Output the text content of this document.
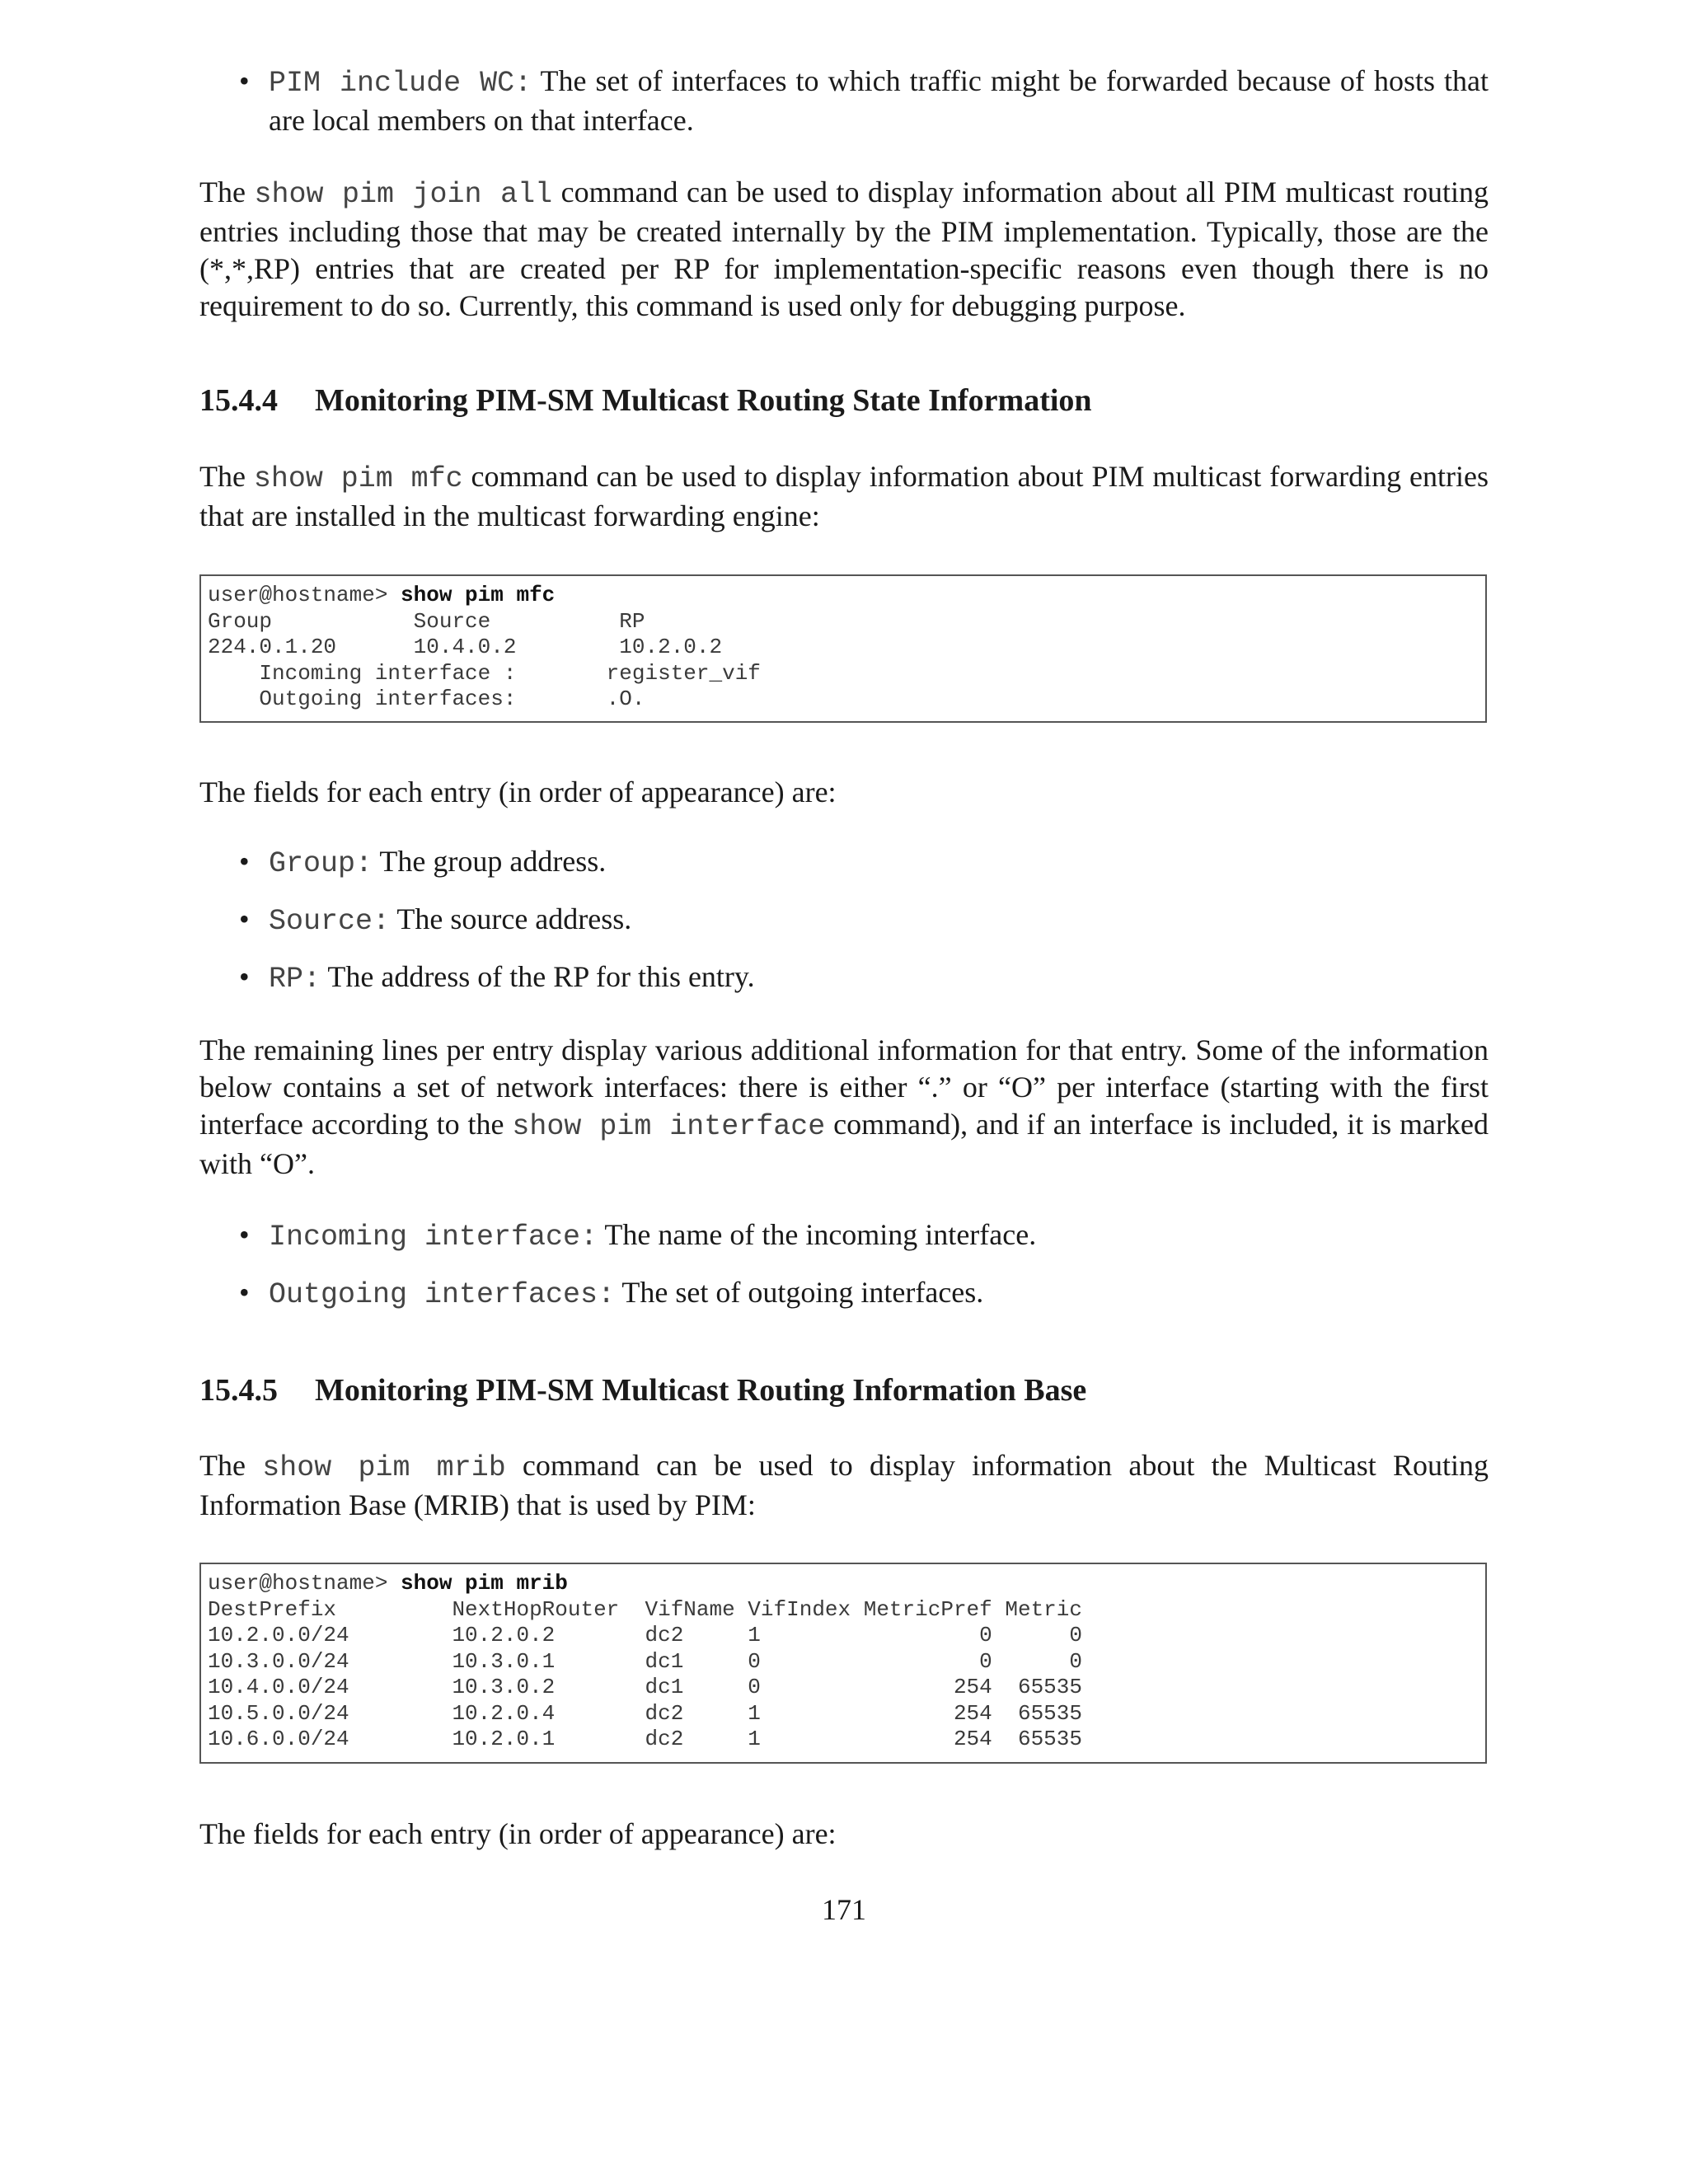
• PIM include WC: The set of interfaces to which traffic might be forwarded because of hosts that are local members on that interface.

The show pim join all command can be used to display information about all PIM multicast routing entries including those that may be created internally by the PIM implementation. Typically, those are the (*,*,RP) entries that are created per RP for implementation-specific reasons even though there is no requirement to do so. Currently, this command is used only for debugging purpose.

15.4.4 Monitoring PIM-SM Multicast Routing State Information

The show pim mfc command can be used to display information about PIM multicast forwarding entries that are installed in the multicast forwarding engine:

user@hostname> show pim mfc
Group           Source          RP
224.0.1.20      10.4.0.2        10.2.0.2
Incoming interface :       register_vif
Outgoing interfaces:       .O.

The fields for each entry (in order of appearance) are:

• Group: The group address.
• Source: The source address.
• RP: The address of the RP for this entry.

The remaining lines per entry display various additional information for that entry. Some of the information below contains a set of network interfaces: there is either “.” or “O” per interface (starting with the first interface according to the show pim interface command), and if an interface is included, it is marked with “O”.

• Incoming interface: The name of the incoming interface.
• Outgoing interfaces: The set of outgoing interfaces.
15.4.5 Monitoring PIM-SM Multicast Routing Information Base

The show pim mrib command can be used to display information about the Multicast Routing Information Base (MRIB) that is used by PIM:

user@hostname> show pim mrib
DestPrefix         NextHopRouter  VifName VifIndex MetricPref Metric
10.2.0.0/24        10.2.0.2       dc2     1                 0      0
10.3.0.0/24        10.3.0.1       dc1     0                 0      0
10.4.0.0/24        10.3.0.2       dc1     0               254  65535
10.5.0.0/24        10.2.0.4       dc2     1               254  65535
10.6.0.0/24        10.2.0.1       dc2     1               254  65535

The fields for each entry (in order of appearance) are:

171
